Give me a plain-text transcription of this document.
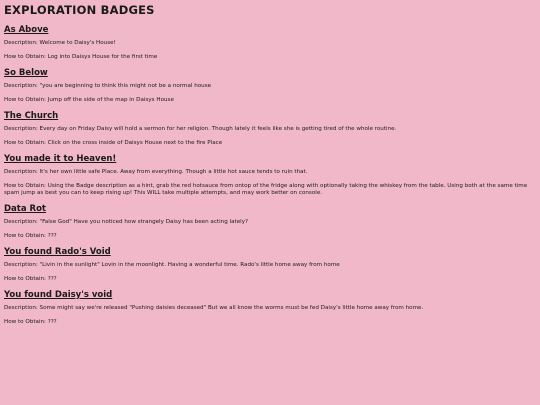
EXPLORATION BADGES
As Above

Description: Welcome to Daisy's House!

How to Obtain: Log into Daisys House for the first time

So Below

Description: "you are beginning to think this might not be a normal house

How to Obtain: Jump off the side of the map in Daisys House

The Church

Description: Every day on Friday Daisy will hold a sermon for her religion. Though lately it feels like she is getting tired of the whole routine.

How to Obtain: Click on the cross inside of Daisys House next to the fire Place

You made it to Heaven!

Description: It's her own little safe Place. Away from everything. Though a little hot sauce tends to ruin that.

How to Obtain: Using the Badge description as a hint, grab the red hotsauce from ontop of the fridge along with optionally taking the whiskey from the table. Using both at the same time spam jump as best you can to keep rising up! This WILL take multiple attempts, and may work better on console.

Data Rot

Description: "False God" Have you noticed how strangely Daisy has been acting lately?

How to Obtain: ???

You found Rado's Void

Description: "Livin in the sunlight" Lovin in the moonlight. Having a wonderful time. Rado's little home away from home

How to Obtain: ???

You found Daisy's void

Description: Some might say we're released "Pushing daisies deceased" But we all know the worms must be fed Daisy's little home away from home.

How to Obtain: ???
